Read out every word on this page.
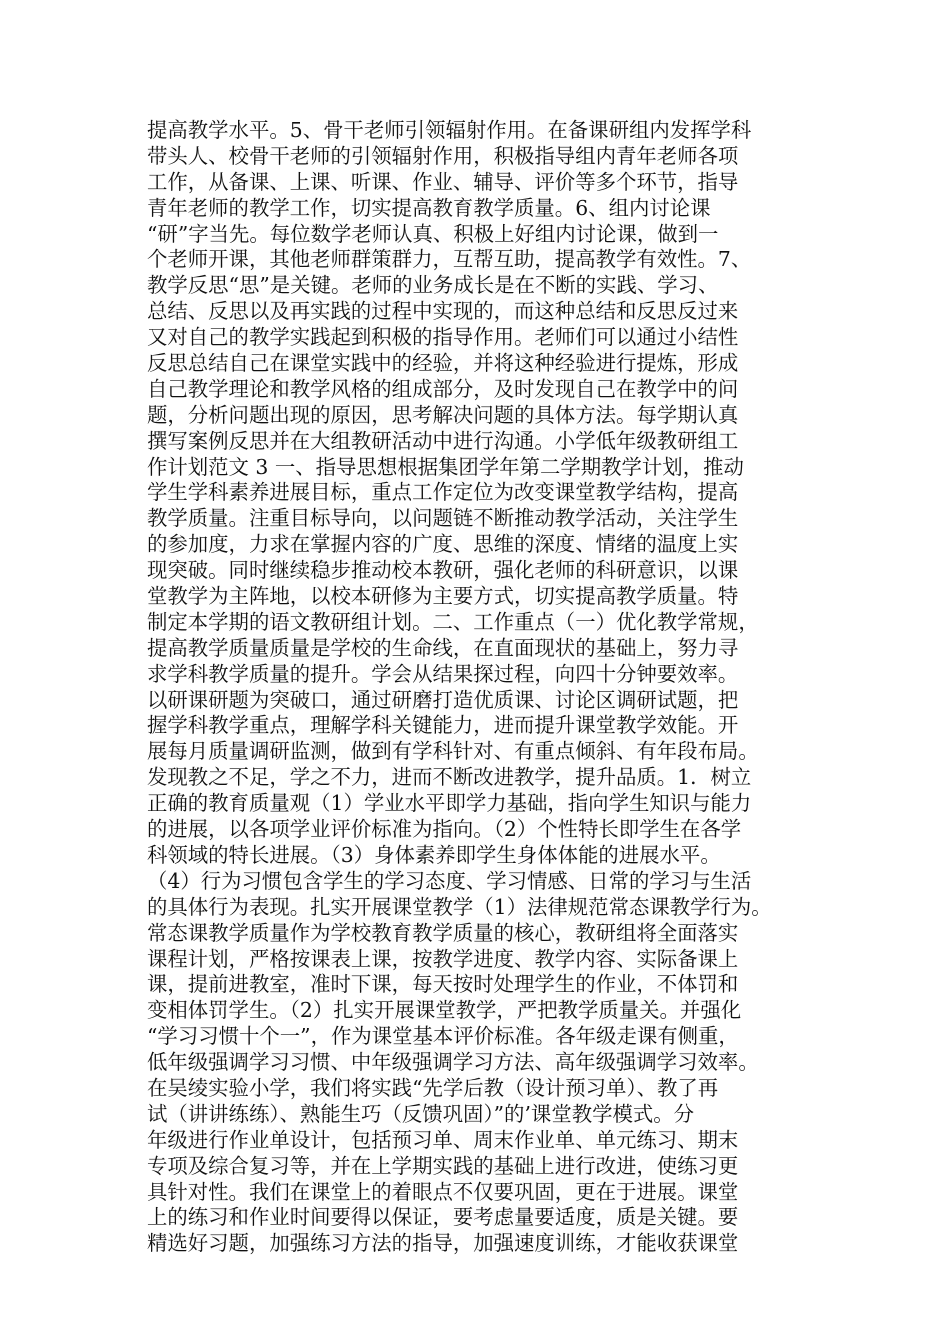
提高教学水平。5、骨干老师引领辐射作用。在备课研组内发挥学科
带头人、校骨干老师的引领辐射作用，积极指导组内青年老师各项
工作，从备课、上课、听课、作业、辅导、评价等多个环节，指导
青年老师的教学工作，切实提高教育教学质量。6、组内讨论课
“研”字当先。每位数学老师认真、积极上好组内讨论课，做到一
个老师开课，其他老师群策群力，互帮互助，提高教学有效性。7、
教学反思“思”是关键。老师的业务成长是在不断的实践、学习、
总结、反思以及再实践的过程中实现的，而这种总结和反思反过来
又对自己的教学实践起到积极的指导作用。老师们可以通过小结性
反思总结自己在课堂实践中的经验，并将这种经验进行提炼，形成
自己教学理论和教学风格的组成部分，及时发现自己在教学中的问
题，分析问题出现的原因，思考解决问题的具体方法。每学期认真
撰写案例反思并在大组教研活动中进行沟通。小学低年级教研组工
作计划范文 3 一、指导思想根据集团学年第二学期教学计划，推动
学生学科素养进展目标，重点工作定位为改变课堂教学结构，提高
教学质量。注重目标导向，以问题链不断推动教学活动，关注学生
的参加度，力求在掌握内容的广度、思维的深度、情绪的温度上实
现突破。同时继续稳步推动校本教研，强化老师的科研意识，以课
堂教学为主阵地，以校本研修为主要方式，切实提高教学质量。特
制定本学期的语文教研组计划。二、工作重点（一）优化教学常规，
提高教学质量质量是学校的生命线，在直面现状的基础上，努力寻
求学科教学质量的提升。学会从结果探过程，向四十分钟要效率。
以研课研题为突破口，通过研磨打造优质课、讨论区调研试题，把
握学科教学重点，理解学科关键能力，进而提升课堂教学效能。开
展每月质量调研监测，做到有学科针对、有重点倾斜、有年段布局。
发现教之不足，学之不力，进而不断改进教学，提升品质。1．树立
正确的教育质量观（1）学业水平即学力基础，指向学生知识与能力
的进展，以各项学业评价标准为指向。（2）个性特长即学生在各学
科领域的特长进展。（3）身体素养即学生身体体能的进展水平。
（4）行为习惯包含学生的学习态度、学习情感、日常的学习与生活
的具体行为表现。扎实开展课堂教学（1）法律规范常态课教学行为。
常态课教学质量作为学校教育教学质量的核心，教研组将全面落实
课程计划，严格按课表上课，按教学进度、教学内容、实际备课上
课，提前进教室，准时下课，每天按时处理学生的作业，不体罚和
变相体罚学生。（2）扎实开展课堂教学，严把教学质量关。并强化
“学习习惯十个一”，作为课堂基本评价标准。各年级走课有侧重，
低年级强调学习习惯、中年级强调学习方法、高年级强调学习效率。
在吴绫实验小学，我们将实践“先学后教（设计预习单）、教了再
试（讲讲练练）、熟能生巧（反馈巩固）”的’课堂教学模式。分
年级进行作业单设计，包括预习单、周末作业单、单元练习、期末
专项及综合复习等，并在上学期实践的基础上进行改进，使练习更
具针对性。我们在课堂上的着眼点不仅要巩固，更在于进展。课堂
上的练习和作业时间要得以保证，要考虑量要适度，质是关键。要
精选好习题，加强练习方法的指导，加强速度训练，才能收获课堂
